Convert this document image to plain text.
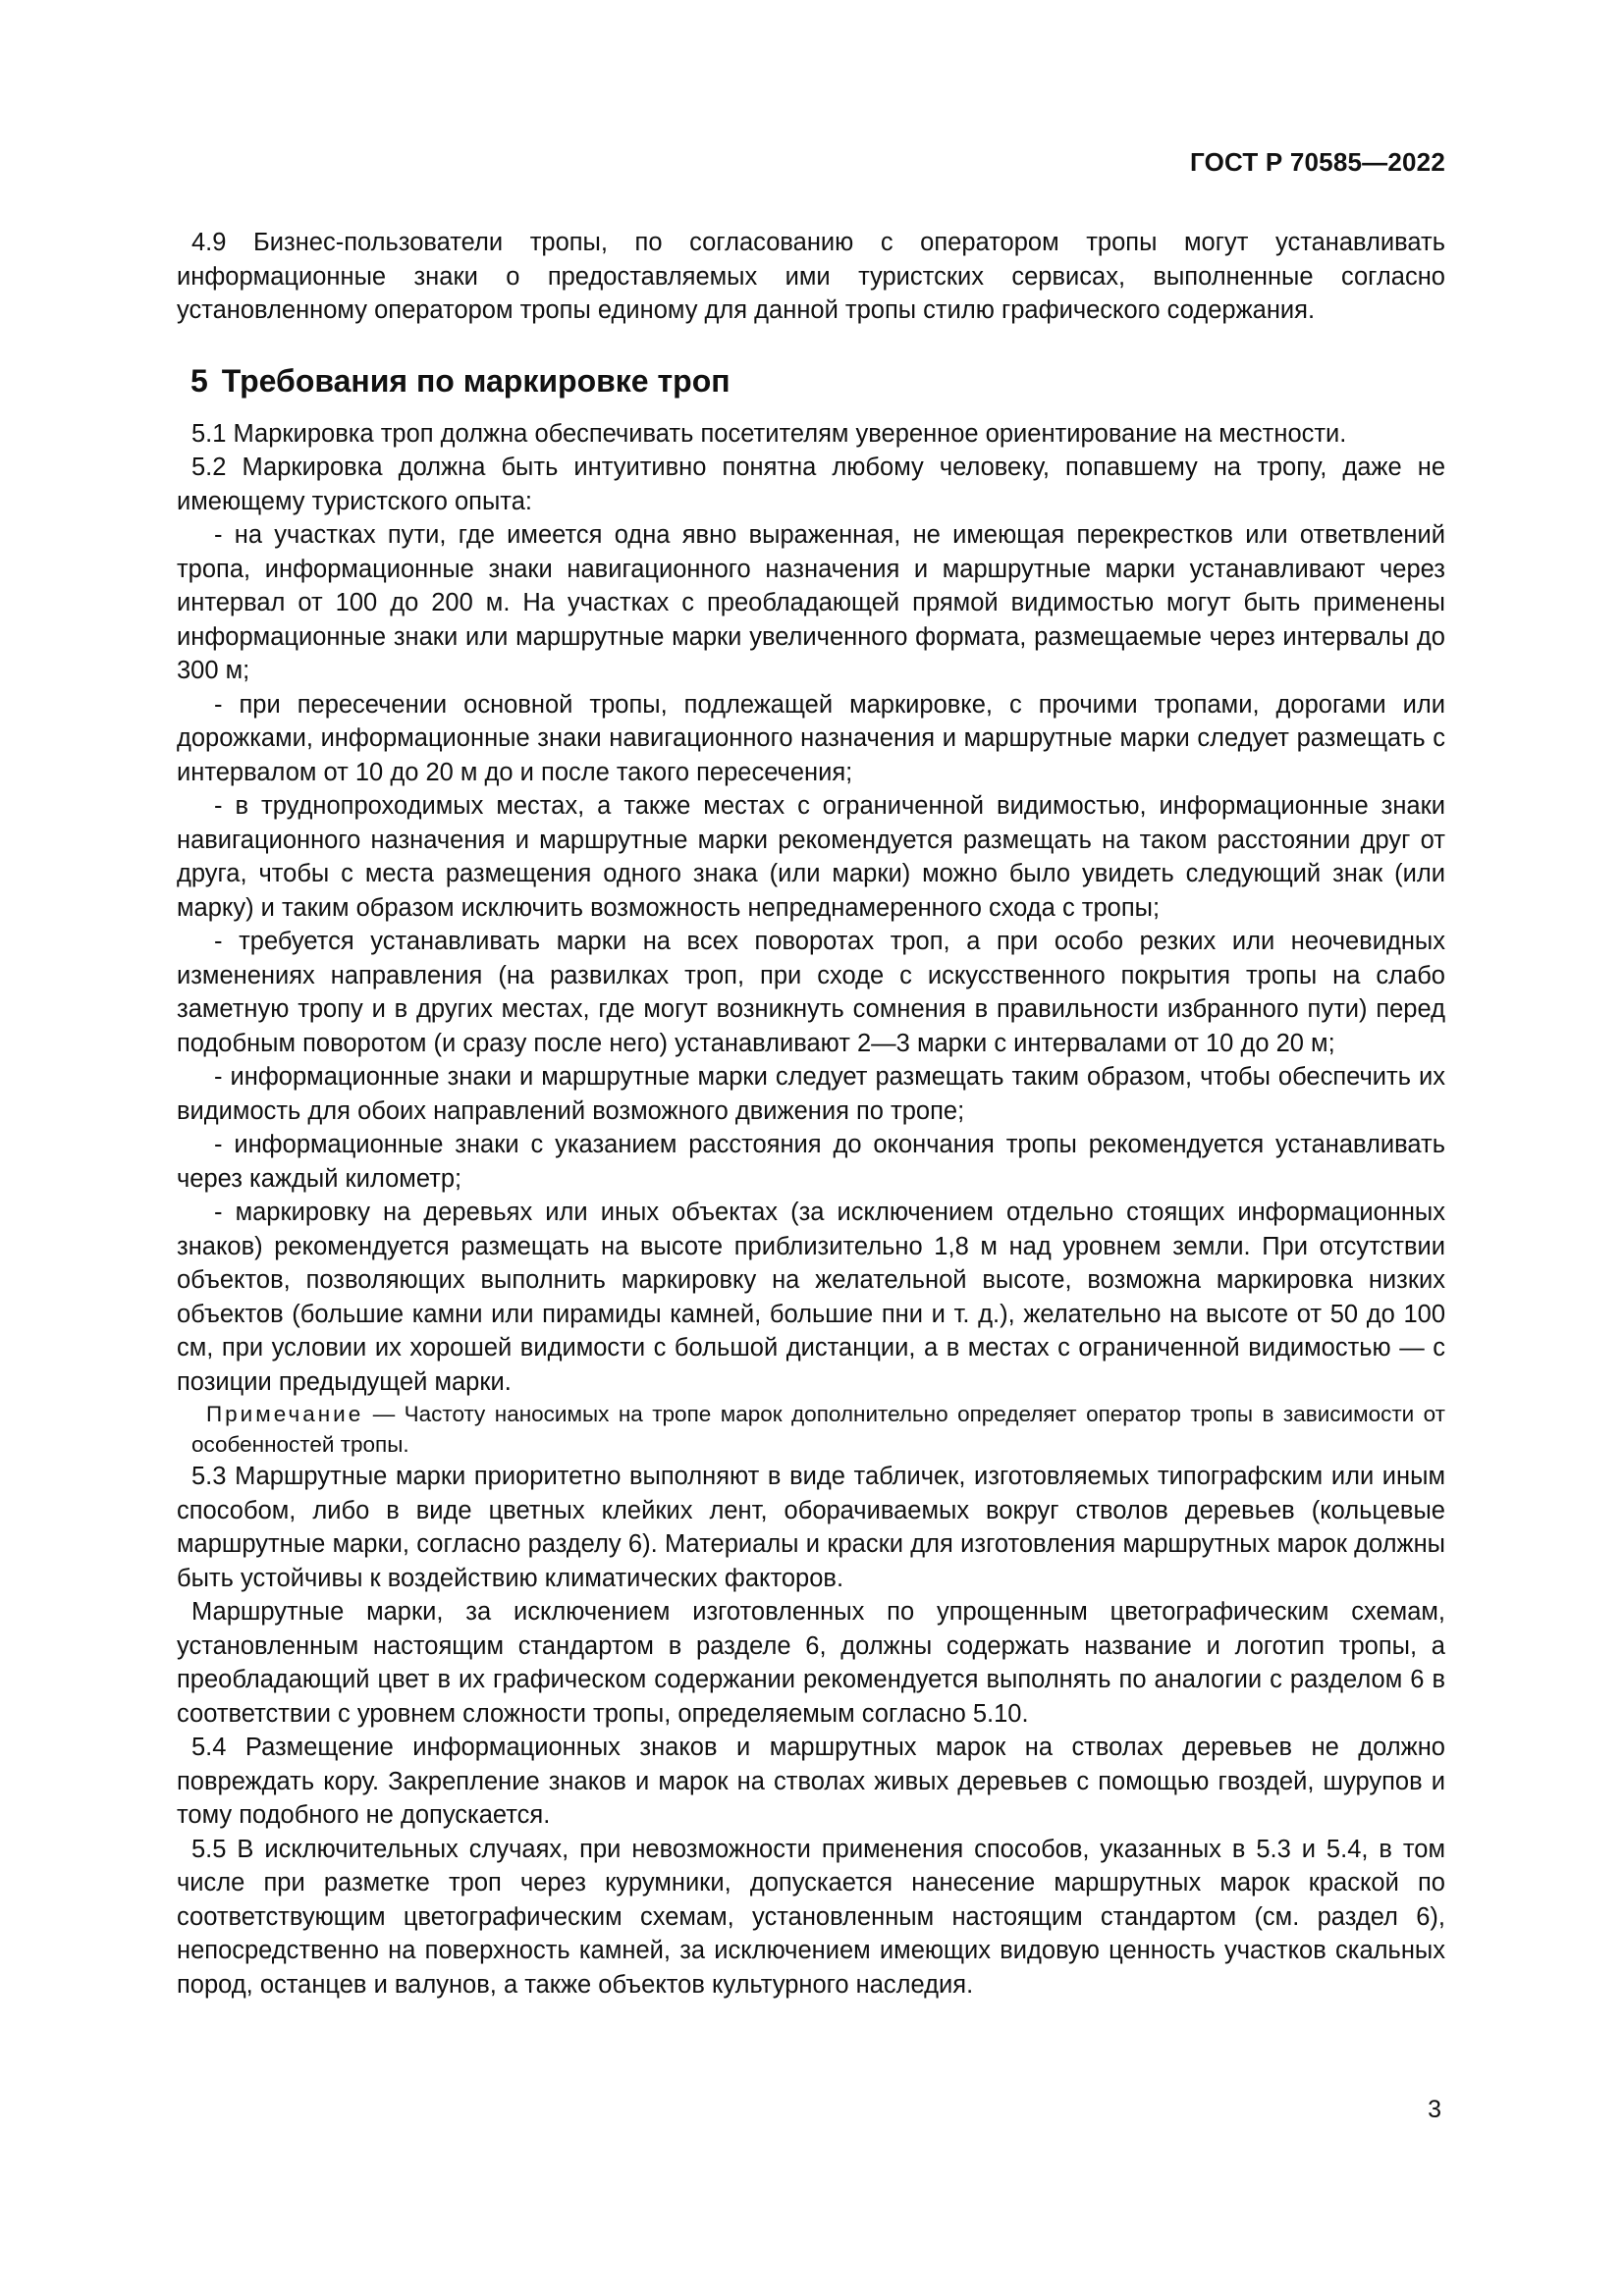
ГОСТ Р 70585—2022

4.9 Бизнес-пользователи тропы, по согласованию с оператором тропы могут устанавливать информационные знаки о предоставляемых ими туристских сервисах, выполненные согласно установленному оператором тропы единому для данной тропы стилю графического содержания.

5 Требования по маркировке троп

5.1 Маркировка троп должна обеспечивать посетителям уверенное ориентирование на местности.

5.2 Маркировка должна быть интуитивно понятна любому человеку, попавшему на тропу, даже не имеющему туристского опыта:

- на участках пути, где имеется одна явно выраженная, не имеющая перекрестков или ответвлений тропа, информационные знаки навигационного назначения и маршрутные марки устанавливают через интервал от 100 до 200 м. На участках с преобладающей прямой видимостью могут быть применены информационные знаки или маршрутные марки увеличенного формата, размещаемые через интервалы до 300 м;

- при пересечении основной тропы, подлежащей маркировке, с прочими тропами, дорогами или дорожками, информационные знаки навигационного назначения и маршрутные марки следует размещать с интервалом от 10 до 20 м до и после такого пересечения;

- в труднопроходимых местах, а также местах с ограниченной видимостью, информационные знаки навигационного назначения и маршрутные марки рекомендуется размещать на таком расстоянии друг от друга, чтобы с места размещения одного знака (или марки) можно было увидеть следующий знак (или марку) и таким образом исключить возможность непреднамеренного схода с тропы;

- требуется устанавливать марки на всех поворотах троп, а при особо резких или неочевидных изменениях направления (на развилках троп, при сходе с искусственного покрытия тропы на слабо заметную тропу и в других местах, где могут возникнуть сомнения в правильности избранного пути) перед подобным поворотом (и сразу после него) устанавливают 2—3 марки с интервалами от 10 до 20 м;

- информационные знаки и маршрутные марки следует размещать таким образом, чтобы обеспечить их видимость для обоих направлений возможного движения по тропе;

- информационные знаки с указанием расстояния до окончания тропы рекомендуется устанавливать через каждый километр;

- маркировку на деревьях или иных объектах (за исключением отдельно стоящих информационных знаков) рекомендуется размещать на высоте приблизительно 1,8 м над уровнем земли. При отсутствии объектов, позволяющих выполнить маркировку на желательной высоте, возможна маркировка низких объектов (большие камни или пирамиды камней, большие пни и т. д.), желательно на высоте от 50 до 100 см, при условии их хорошей видимости с большой дистанции, а в местах с ограниченной видимостью — с позиции предыдущей марки.

Примечание — Частоту наносимых на тропе марок дополнительно определяет оператор тропы в зависимости от особенностей тропы.

5.3 Маршрутные марки приоритетно выполняют в виде табличек, изготовляемых типографским или иным способом, либо в виде цветных клейких лент, оборачиваемых вокруг стволов деревьев (кольцевые маршрутные марки, согласно разделу 6). Материалы и краски для изготовления маршрутных марок должны быть устойчивы к воздействию климатических факторов.

Маршрутные марки, за исключением изготовленных по упрощенным цветографическим схемам, установленным настоящим стандартом в разделе 6, должны содержать название и логотип тропы, а преобладающий цвет в их графическом содержании рекомендуется выполнять по аналогии с разделом 6 в соответствии с уровнем сложности тропы, определяемым согласно 5.10.

5.4 Размещение информационных знаков и маршрутных марок на стволах деревьев не должно повреждать кору. Закрепление знаков и марок на стволах живых деревьев с помощью гвоздей, шурупов и тому подобного не допускается.

5.5 В исключительных случаях, при невозможности применения способов, указанных в 5.3 и 5.4, в том числе при разметке троп через курумники, допускается нанесение маршрутных марок краской по соответствующим цветографическим схемам, установленным настоящим стандартом (см. раздел 6), непосредственно на поверхность камней, за исключением имеющих видовую ценность участков скальных пород, останцев и валунов, а также объектов культурного наследия.

3
